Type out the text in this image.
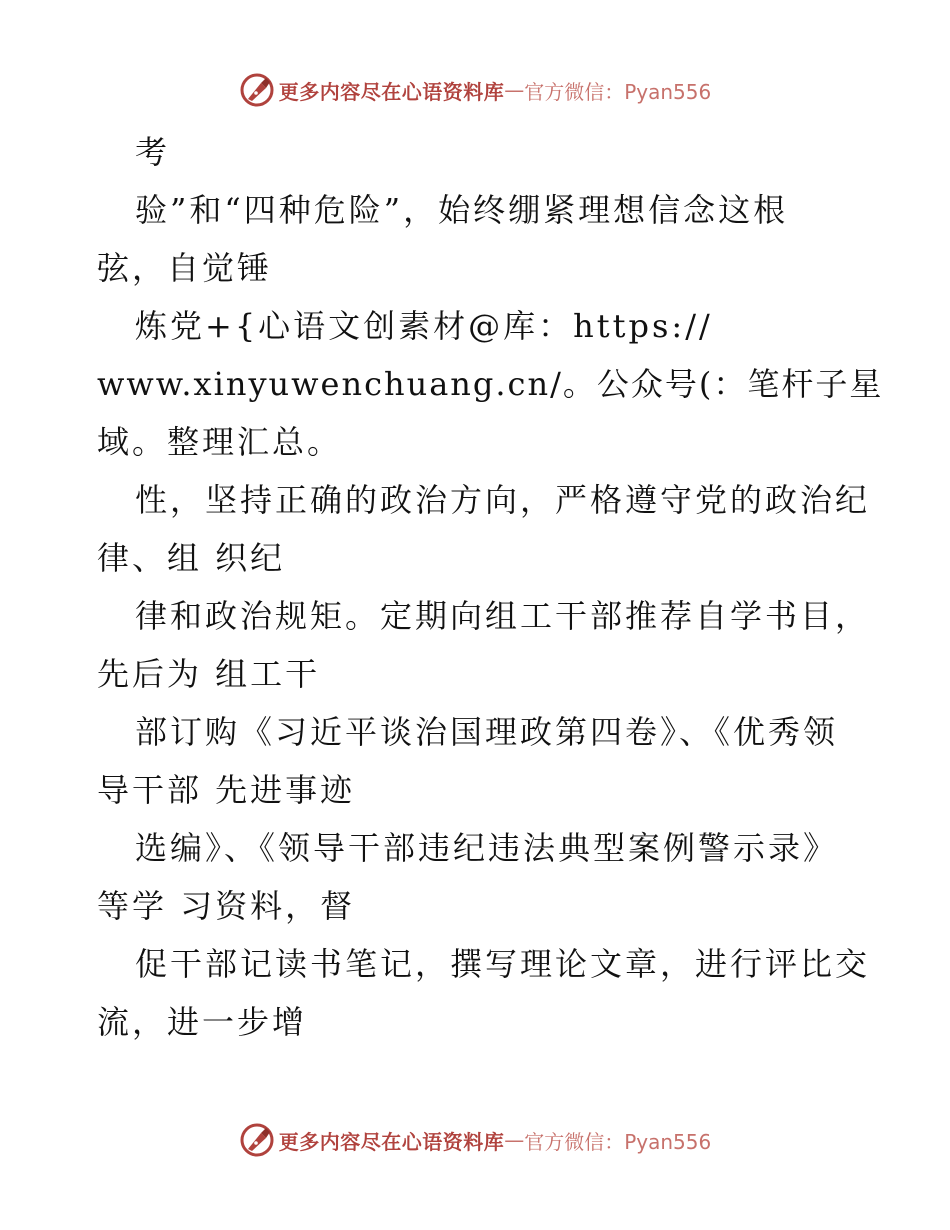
更多内容尽在心语资料库 — 官方微信：Pyan556
考
验”和“四种危险”，始终绷紧理想信念这根
弦，自觉锤
炼党+{心语文创素材@库：https://
www.xinyuwenchuang.cn/。公众号(：笔杆子星
域。整理汇总。
性，坚持正确的政治方向，严格遵守党的政治纪
律、组 织纪
律和政治规矩。定期向组工干部推荐自学书目，
先后为 组工干
部订购《习近平谈治国理政第四卷》、《优秀领
导干部 先进事迹
选编》、《领导干部违纪违法典型案例警示录》
等学 习资料，督
促干部记读书笔记，撰写理论文章，进行评比交
流，进一步增
更多内容尽在心语资料库 — 官方微信：Pyan556
